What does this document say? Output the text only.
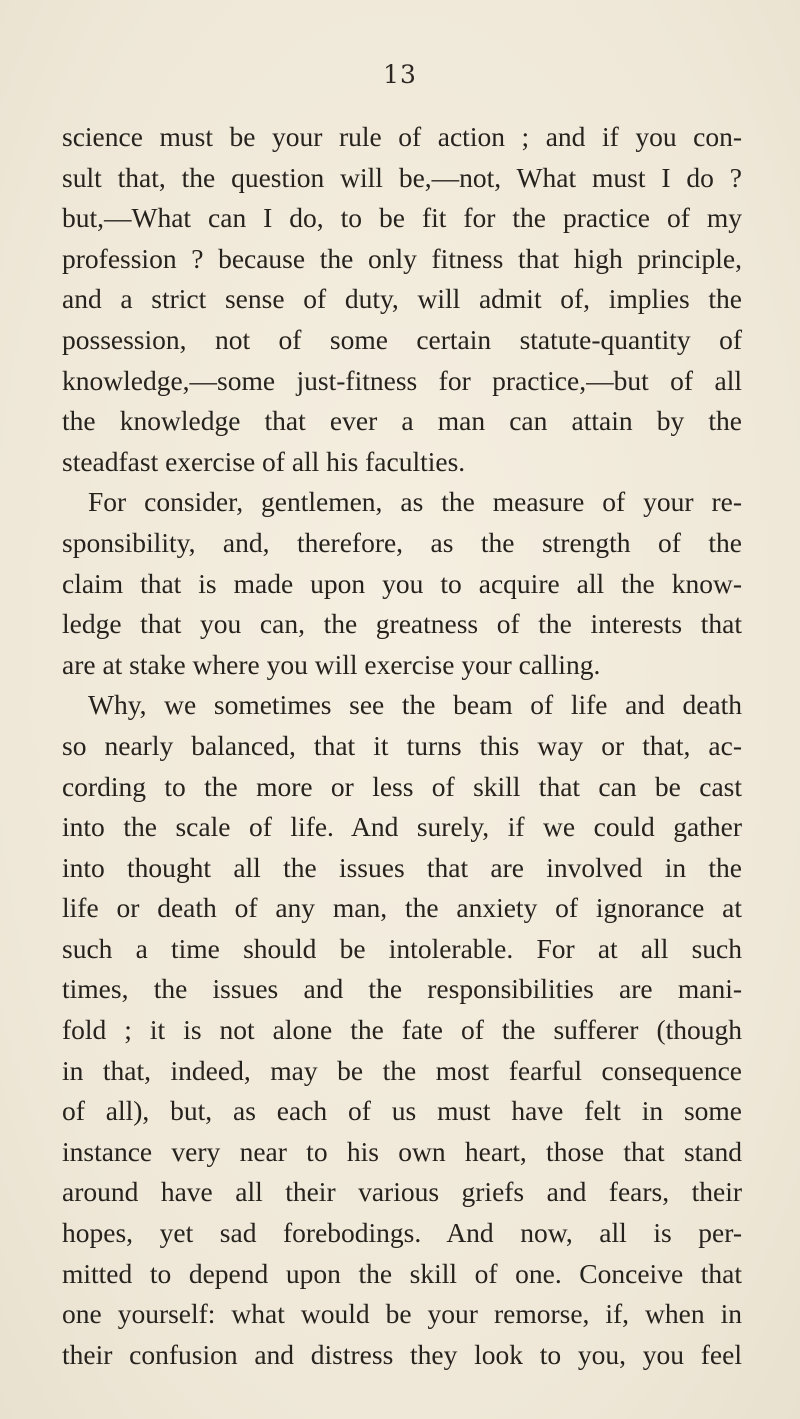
13
science must be your rule of action ; and if you con-
sult that, the question will be,—not, What must I do ?
but,—What can I do, to be fit for the practice of my
profession ? because the only fitness that high principle,
and a strict sense of duty, will admit of, implies the
possession, not of some certain statute-quantity of
knowledge,—some just-fitness for practice,—but of all
the knowledge that ever a man can attain by the
steadfast exercise of all his faculties.
For consider, gentlemen, as the measure of your re-
sponsibility, and, therefore, as the strength of the
claim that is made upon you to acquire all the know-
ledge that you can, the greatness of the interests that
are at stake where you will exercise your calling.
Why, we sometimes see the beam of life and death
so nearly balanced, that it turns this way or that, ac-
cording to the more or less of skill that can be cast
into the scale of life. And surely, if we could gather
into thought all the issues that are involved in the
life or death of any man, the anxiety of ignorance at
such a time should be intolerable. For at all such
times, the issues and the responsibilities are mani-
fold ; it is not alone the fate of the sufferer (though
in that, indeed, may be the most fearful consequence
of all), but, as each of us must have felt in some
instance very near to his own heart, those that stand
around have all their various griefs and fears, their
hopes, yet sad forebodings. And now, all is per-
mitted to depend upon the skill of one. Conceive that
one yourself: what would be your remorse, if, when in
their confusion and distress they look to you, you feel
